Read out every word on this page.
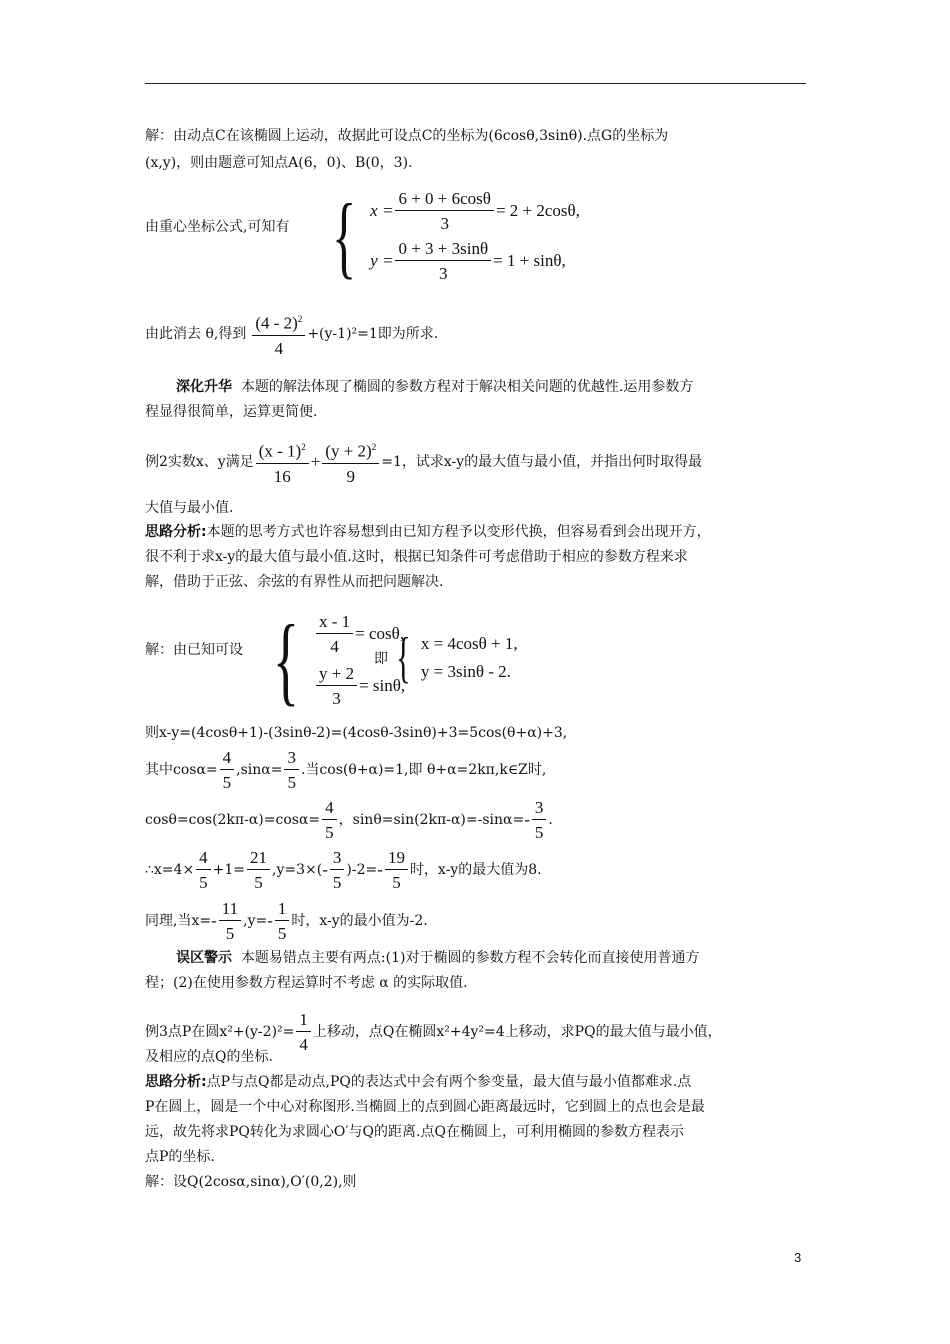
解：由动点C在该椭圆上运动，故据此可设点C的坐标为(6cosθ,3sinθ).点G的坐标为
(x,y)，则由题意可知点A(6，0)、B(0，3).
由重心坐标公式,可知有 { $x = \frac{6 + 0 + 6\cos\theta}{3} = 2 + 2\cos\theta$,
$y = \frac{0 + 3 + 3\sin\theta}{3} = 1 + \sin\theta$,
由此消去 θ,得到 $\frac{(4 - 2)^2}{4} +(y-1)^2=1$即为所求.
深化升华 本题的解法体现了椭圆的参数方程对于解决相关问题的优越性.运用参数方
程显得很简单，运算更简便.
例2实数x、y满足 $\frac{(x - 1)^2}{16} + \frac{(y + 2)^2}{9} =1$，试求x-y的最大值与最小值，并指出何时取得最
大值与最小值.
思路分析:本题的思考方式也许容易想到由已知方程予以变形代换，但容易看到会出现开方，
很不利于求x-y的最大值与最小值.这时，根据已知条件可考虑借助于相应的参数方程来求
解，借助于正弦、余弦的有界性从而把问题解决.
解：由已知可设 { $\frac{x - 1}{4} = \cos\theta$,
$\frac{y + 2}{3} = \sin\theta$,
即 { x = 4cosθ + 1,
y = 3sinθ - 2.
则x-y=(4cosθ+1)-(3sinθ-2)=(4cosθ-3sinθ)+3=5cos(θ+α)+3,
其中$\cos\alpha= \frac{4}{5} ,\sin\alpha= \frac{3}{5}$ .当cos(θ+α)=1,即 θ+α=2kπ,k∈Z时,
$\cos\theta=\cos(2k\pi-\alpha)=\cos\alpha= \frac{4}{5}$ ，$\sin\theta=\sin(2k\pi-\alpha)=-\sin\alpha= - \frac{3}{5}$ .
∴x=4× $\frac{4}{5} +1= \frac{21}{5} ,y=3\times( - \frac{3}{5} )-2= - \frac{19}{5}$ 时，x-y的最大值为8.
同理,当$x= - \frac{11}{5} ,y= - \frac{1}{5}$ 时，x-y的最小值为-2.
误区警示 本题易错点主要有两点:(1)对于椭圆的参数方程不会转化而直接使用普通方
程；(2)在使用参数方程运算时不考虑 α 的实际取值.
例3点P在圆$x^2+(y-2)^2= \frac{1}{4}$ 上移动，点Q在椭圆x²+4y²=4上移动，求PQ的最大值与最小值，
及相应的点Q的坐标.
思路分析:点P与点Q都是动点,PQ的表达式中会有两个参变量，最大值与最小值都难求.点
P在圆上，圆是一个中心对称图形.当椭圆上的点到圆心距离最远时，它到圆上的点也会是最
远，故先将求PQ转化为求圆心O′与Q的距离.点Q在椭圆上，可利用椭圆的参数方程表示
点P的坐标.
解：设Q(2cosα,sinα),O′(0,2),则
3
